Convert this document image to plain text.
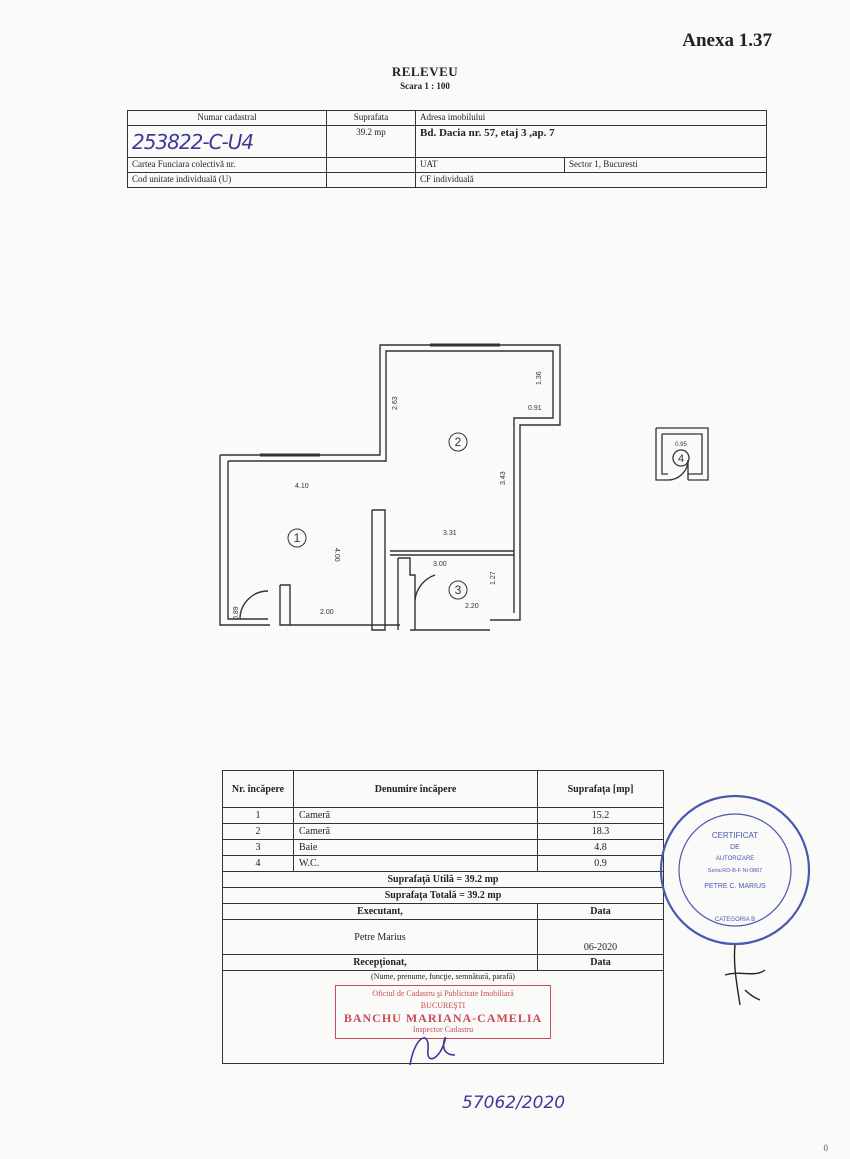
Anexa 1.37
RELEVEU
Scara 1 : 100
Numar cadastral	Suprafata	Adresa imobilului	
253822-C-U4	39.2 mp	Bd. Dacia nr. 57, etaj 3 ,ap. 7	
Cartea Funciara colectivă nr.		UAT	Sector 1, Bucuresti
Cod unitate individuală (U)		CF individuală	
2.63
1.36
0.91
4.10
3.43
4.00
3.31
3.00
1.27
2.00
2.20
0.89
1
2
3
0.95
4
Nr. încăpere	Denumire încăpere	Suprafaţa [mp]
1	Cameră	15.2
2	Cameră	18.3
3	Baie	4.8
4	W.C.	0.9
Suprafaţă Utilă = 39.2 mp		
Suprafaţa Totală = 39.2 mp		
Executant,		Data
Petre Marius		06-2020
Recepţionat,		Data

(Nume, prenume, funcţie, semnătură, parafă)
Oficiul de Cadastru şi Publicitate Imobiliară
BUCUREŞTI
BANCHU MARIANA-CAMELIA
Inspector Cadastru		
CERTIFICAT
DE
AUTORIZARE
Seria:RO-B-F Nr:0867
PETRE C. MARIUS
CATEGORIA B
57062/2020
0
